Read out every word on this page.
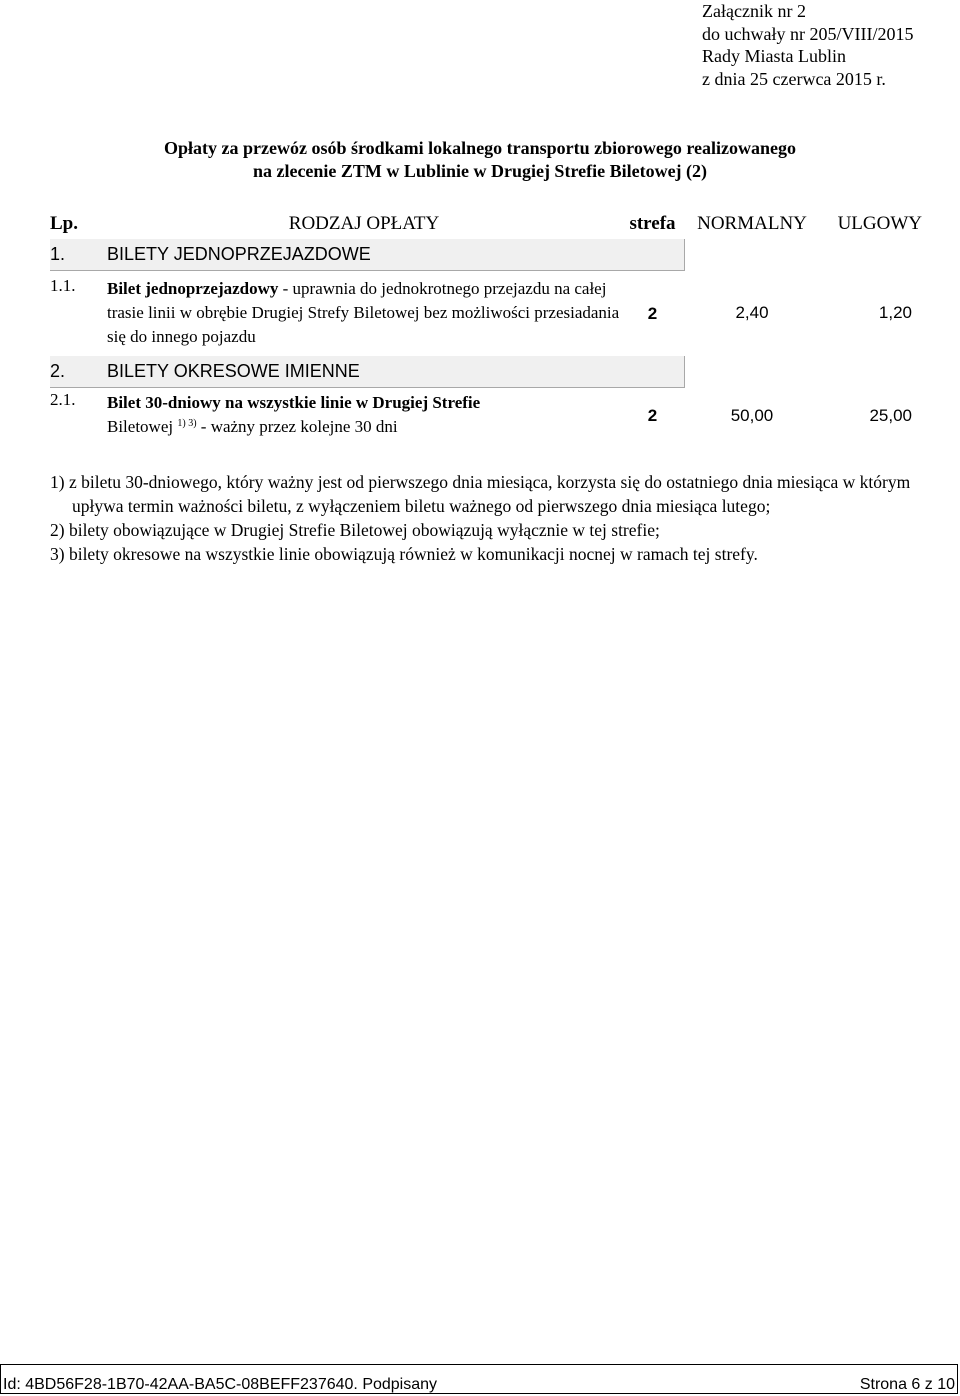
Załącznik nr 2
do uchwały nr 205/VIII/2015
Rady Miasta Lublin
z dnia 25 czerwca 2015 r.
Opłaty za przewóz osób środkami lokalnego transportu zbiorowego realizowanego
na zlecenie ZTM w Lublinie w Drugiej Strefie Biletowej (2)
Lp.	RODZAJ OPŁATY	strefa	NORMALNY	ULGOWY
1.	BILETY JEDNOPRZEJAZDOWE			
1.1.	Bilet jednoprzejazdowy - uprawnia do jednokrotnego przejazdu na całej trasie linii w obrębie Drugiej Strefy Biletowej bez możliwości przesiadania się do innego pojazdu	2	2,40	1,20
2.	BILETY OKRESOWE IMIENNE			
2.1.	Bilet 30-dniowy na wszystkie linie w Drugiej Strefie
Biletowej $^{1) 3)}$ - ważny przez kolejne 30 dni	2	50,00	25,00
1) z biletu 30-dniowego, który ważny jest od pierwszego dnia miesiąca, korzysta się do ostatniego dnia miesiąca w którym upływa termin ważności biletu, z wyłączeniem biletu ważnego od pierwszego dnia miesiąca lutego;
2) bilety obowiązujące w Drugiej Strefie Biletowej obowiązują wyłącznie w tej strefie;
3) bilety okresowe na wszystkie linie obowiązują również w komunikacji nocnej w ramach tej strefy.
Id: 4BD56F28-1B70-42AA-BA5C-08BEFF237640. Podpisany	Strona 6 z 10
